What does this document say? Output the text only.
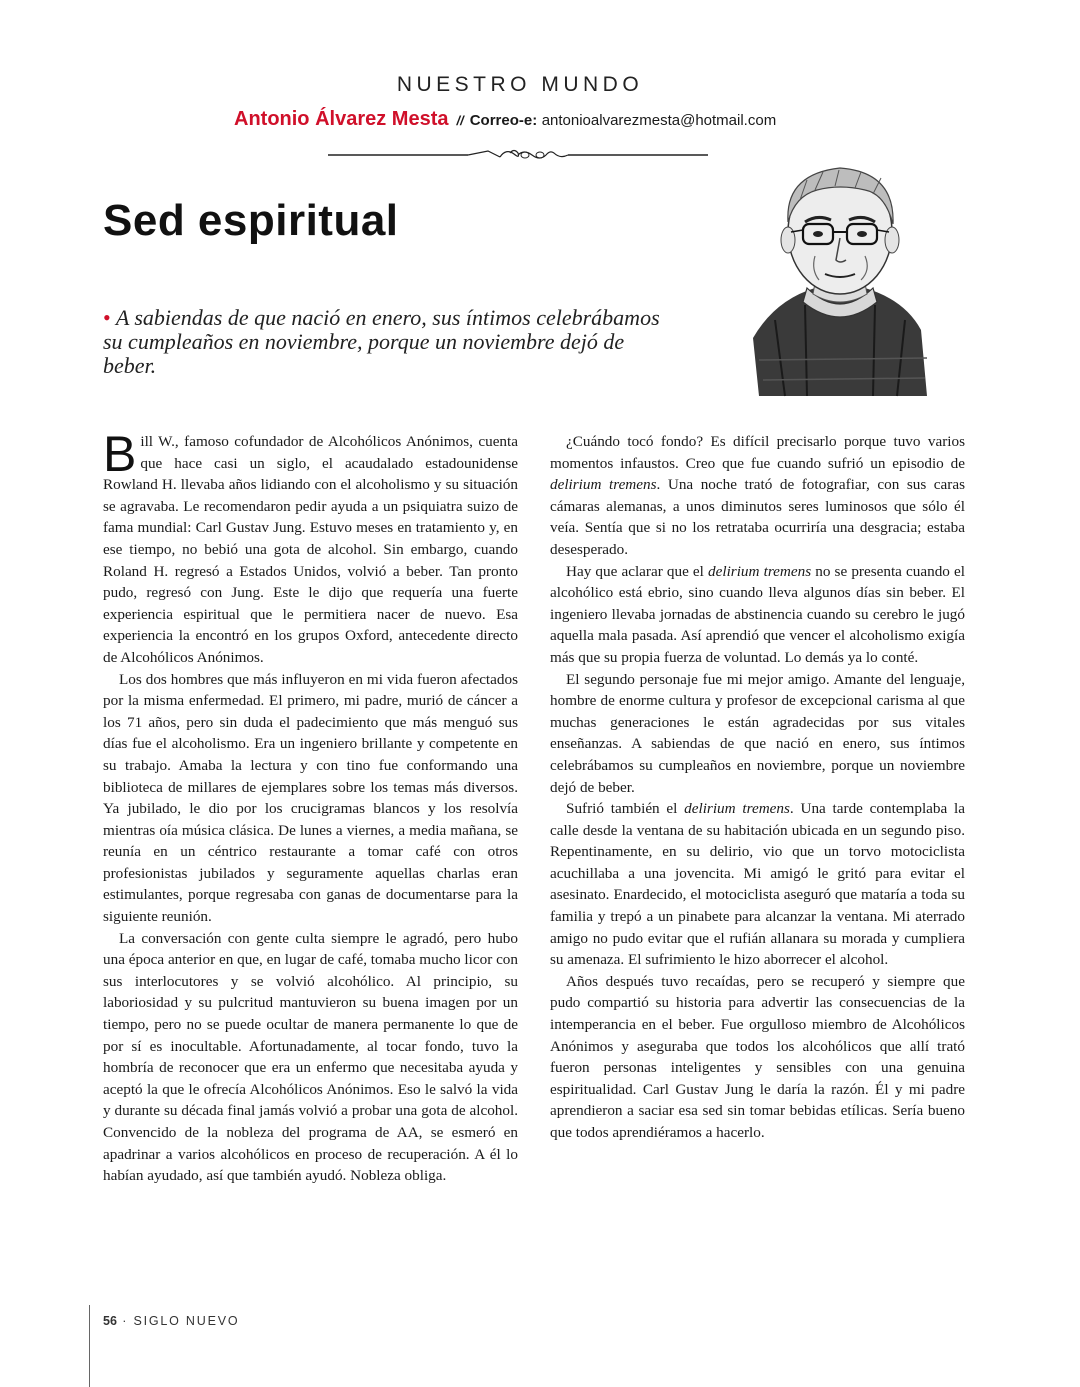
NUESTRO MUNDO
Antonio Álvarez Mesta // Correo-e: antonioalvarezmesta@hotmail.com
Sed espiritual
• A sabiendas de que nació en enero, sus íntimos celebrábamos su cumpleaños en noviembre, porque un noviembre dejó de beber.

Bill W., famoso cofundador de Alcohólicos Anónimos, cuenta que hace casi un siglo, el acaudalado estadounidense Rowland H. llevaba años lidiando con el alcoholismo y su situación se agravaba. Le recomendaron pedir ayuda a un psiquiatra suizo de fama mundial: Carl Gustav Jung. Estuvo meses en tratamiento y, en ese tiempo, no bebió una gota de alcohol. Sin embargo, cuando Roland H. regresó a Estados Unidos, volvió a beber. Tan pronto pudo, regresó con Jung. Este le dijo que requería una fuerte experiencia espiritual que le permitiera nacer de nuevo. Esa experiencia la encontró en los grupos Oxford, antecedente directo de Alcohólicos Anónimos.

Los dos hombres que más influyeron en mi vida fueron afectados por la misma enfermedad. El primero, mi padre, murió de cáncer a los 71 años, pero sin duda el padecimiento que más menguó sus días fue el alcoholismo. Era un ingeniero brillante y competente en su trabajo. Amaba la lectura y con tino fue conformando una biblioteca de millares de ejemplares sobre los temas más diversos. Ya jubilado, le dio por los crucigramas blancos y los resolvía mientras oía música clásica. De lunes a viernes, a media mañana, se reunía en un céntrico restaurante a tomar café con otros profesionistas jubilados y seguramente aquellas charlas eran estimulantes, porque regresaba con ganas de documentarse para la siguiente reunión.

La conversación con gente culta siempre le agradó, pero hubo una época anterior en que, en lugar de café, tomaba mucho licor con sus interlocutores y se volvió alcohólico. Al principio, su laboriosidad y su pulcritud mantuvieron su buena imagen por un tiempo, pero no se puede ocultar de manera permanente lo que de por sí es inocultable. Afortunadamente, al tocar fondo, tuvo la hombría de reconocer que era un enfermo que necesitaba ayuda y aceptó la que le ofrecía Alcohólicos Anónimos. Eso le salvó la vida y durante su década final jamás volvió a probar una gota de alcohol. Convencido de la nobleza del programa de AA, se esmeró en apadrinar a varios alcohólicos en proceso de recuperación. A él lo habían ayudado, así que también ayudó. Nobleza obliga.

¿Cuándo tocó fondo? Es difícil precisarlo porque tuvo varios momentos infaustos. Creo que fue cuando sufrió un episodio de delirium tremens. Una noche trató de fotografiar, con sus caras cámaras alemanas, a unos diminutos seres luminosos que sólo él veía. Sentía que si no los retrataba ocurriría una desgracia; estaba desesperado.

Hay que aclarar que el delirium tremens no se presenta cuando el alcohólico está ebrio, sino cuando lleva algunos días sin beber. El ingeniero llevaba jornadas de abstinencia cuando su cerebro le jugó aquella mala pasada. Así aprendió que vencer el alcoholismo exigía más que su propia fuerza de voluntad. Lo demás ya lo conté.

El segundo personaje fue mi mejor amigo. Amante del lenguaje, hombre de enorme cultura y profesor de excepcional carisma al que muchas generaciones le están agradecidas por sus vitales enseñanzas. A sabiendas de que nació en enero, sus íntimos celebrábamos su cumpleaños en noviembre, porque un noviembre dejó de beber.

Sufrió también el delirium tremens. Una tarde contemplaba la calle desde la ventana de su habitación ubicada en un segundo piso. Repentinamente, en su delirio, vio que un torvo motociclista acuchillaba a una jovencita. Mi amigó le gritó para evitar el asesinato. Enardecido, el motociclista aseguró que mataría a toda su familia y trepó a un pinabete para alcanzar la ventana. Mi aterrado amigo no pudo evitar que el rufián allanara su morada y cumpliera su amenaza. El sufrimiento le hizo aborrecer el alcohol.

Años después tuvo recaídas, pero se recuperó y siempre que pudo compartió su historia para advertir las consecuencias de la intemperancia en el beber. Fue orgulloso miembro de Alcohólicos Anónimos y aseguraba que todos los alcohólicos que allí trató fueron personas inteligentes y sensibles con una genuina espiritualidad. Carl Gustav Jung le daría la razón. Él y mi padre aprendieron a saciar esa sed sin tomar bebidas etílicas. Sería bueno que todos aprendiéramos a hacerlo.

56 · SIGLO NUEVO
